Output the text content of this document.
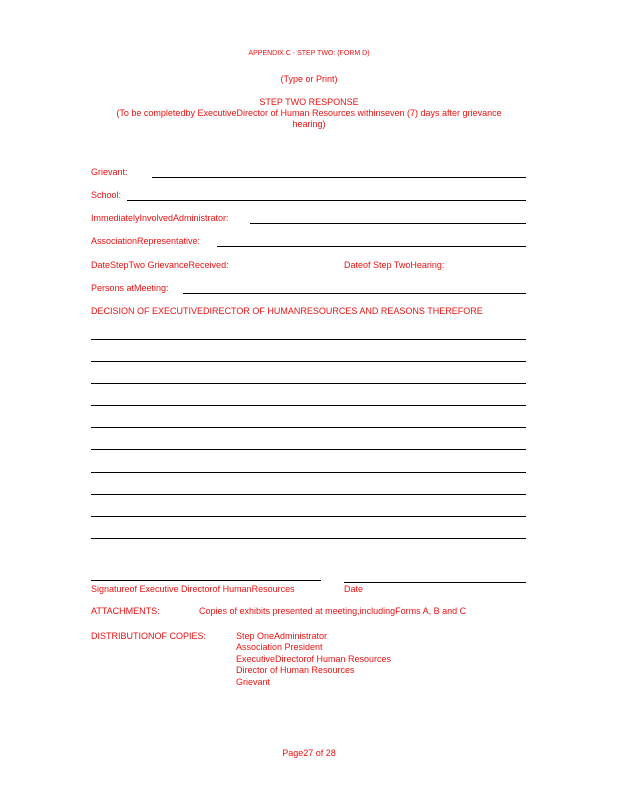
APPENDIX C - STEP TWO: (FORM D)
(Type or Print)
STEP TWO RESPONSE
(To be completedby ExecutiveDirector of Human Resources withinseven (7) days after grievance
hearing)
Grievant:
School:
ImmediatelyInvolvedAdministrator:
AssociationRepresentative:
DateStepTwo GrievanceReceived:	Dateof Step TwoHearing:
Persons atMeeting:
DECISION OF EXECUTIVEDIRECTOR OF HUMANRESOURCES AND REASONS THEREFORE
Signatureof Executive Directorof HumanResources	Date
ATTACHMENTS:	Copies of exhibits presented at meeting,includingForms A, B and C
DISTRIBUTIONOF COPIES:	Step OneAdministrator
Association President
ExecutiveDirectorof Human Resources
Director of Human Resources
Grievant
Page27 of 28
